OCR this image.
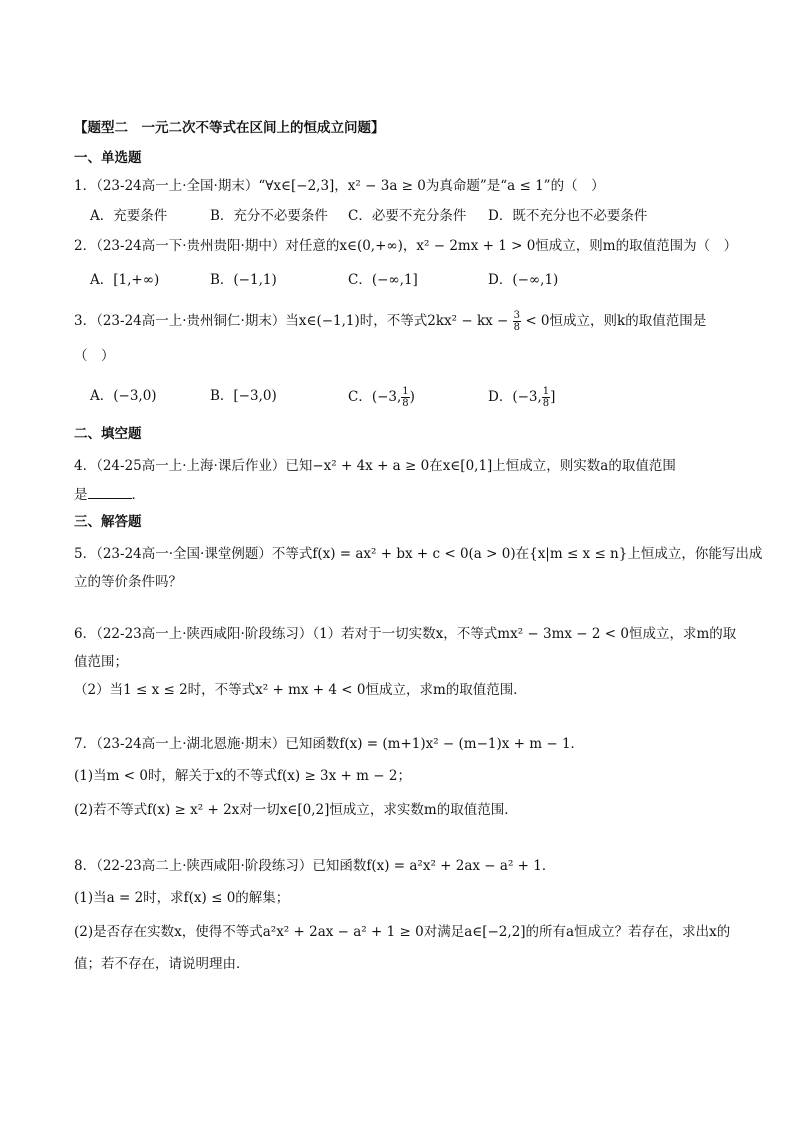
【题型二　一元二次不等式在区间上的恒成立问题】
一、单选题
1．（23-24高一上·全国·期末）“∀x∈[−2,3]，x² − 3a ≥ 0为真命题”是“a ≤ 1”的（　）
A．充要条件	B．充分不必要条件 C．必要不充分条件 D．既不充分也不必要条件
2．（23-24高一下·贵州贵阳·期中）对任意的x∈(0,+∞)，x² − 2mx + 1 > 0恒成立，则m的取值范围为（　）
A．[1,+∞)	B．(−1,1)	C．(−∞,1]	D．(−∞,1)
3．（23-24高一上·贵州铜仁·期末）当x∈(−1,1)时，不等式2kx² − kx − $\frac{3}{8} < 0$恒成立，则k的取值范围是
（　）
A．(−3,0)	B．[−3,0)	C．(−3, $\frac{1}{8}$ )	D．(−3, $\frac{1}{8}$ ]
二、填空题
4．（24-25高一上·上海·课后作业）已知−x² + 4x + a ≥ 0在x∈[0,1]上恒成立，则实数a的取值范围
是	．
三、解答题
5．（23-24高一·全国·课堂例题）不等式f(x) = ax² + bx + c < 0(a > 0)在{x|m ≤ x ≤ n}上恒成立，你能写出成
立的等价条件吗？
6．（22-23高一上·陕西咸阳·阶段练习）（1）若对于一切实数x，不等式mx² − 3mx − 2 < 0恒成立，求m的取
值范围；
（2）当1 ≤ x ≤ 2时，不等式x² + mx + 4 < 0恒成立，求m的取值范围．
7．（23-24高一上·湖北恩施·期末）已知函数f(x) = (m+1)x² − (m−1)x + m − 1．
(1)当m < 0时，解关于x的不等式f(x) ≥ 3x + m − 2；
(2)若不等式f(x) ≥ x² + 2x对一切x∈[0,2]恒成立，求实数m的取值范围．
8．（22-23高二上·陕西咸阳·阶段练习）已知函数f(x) = a²x² + 2ax − a² + 1．
(1)当a = 2时，求f(x) ≤ 0的解集；
(2)是否存在实数x，使得不等式a²x² + 2ax − a² + 1 ≥ 0对满足a∈[−2,2]的所有a恒成立？若存在，求出x的
值；若不存在，请说明理由．
